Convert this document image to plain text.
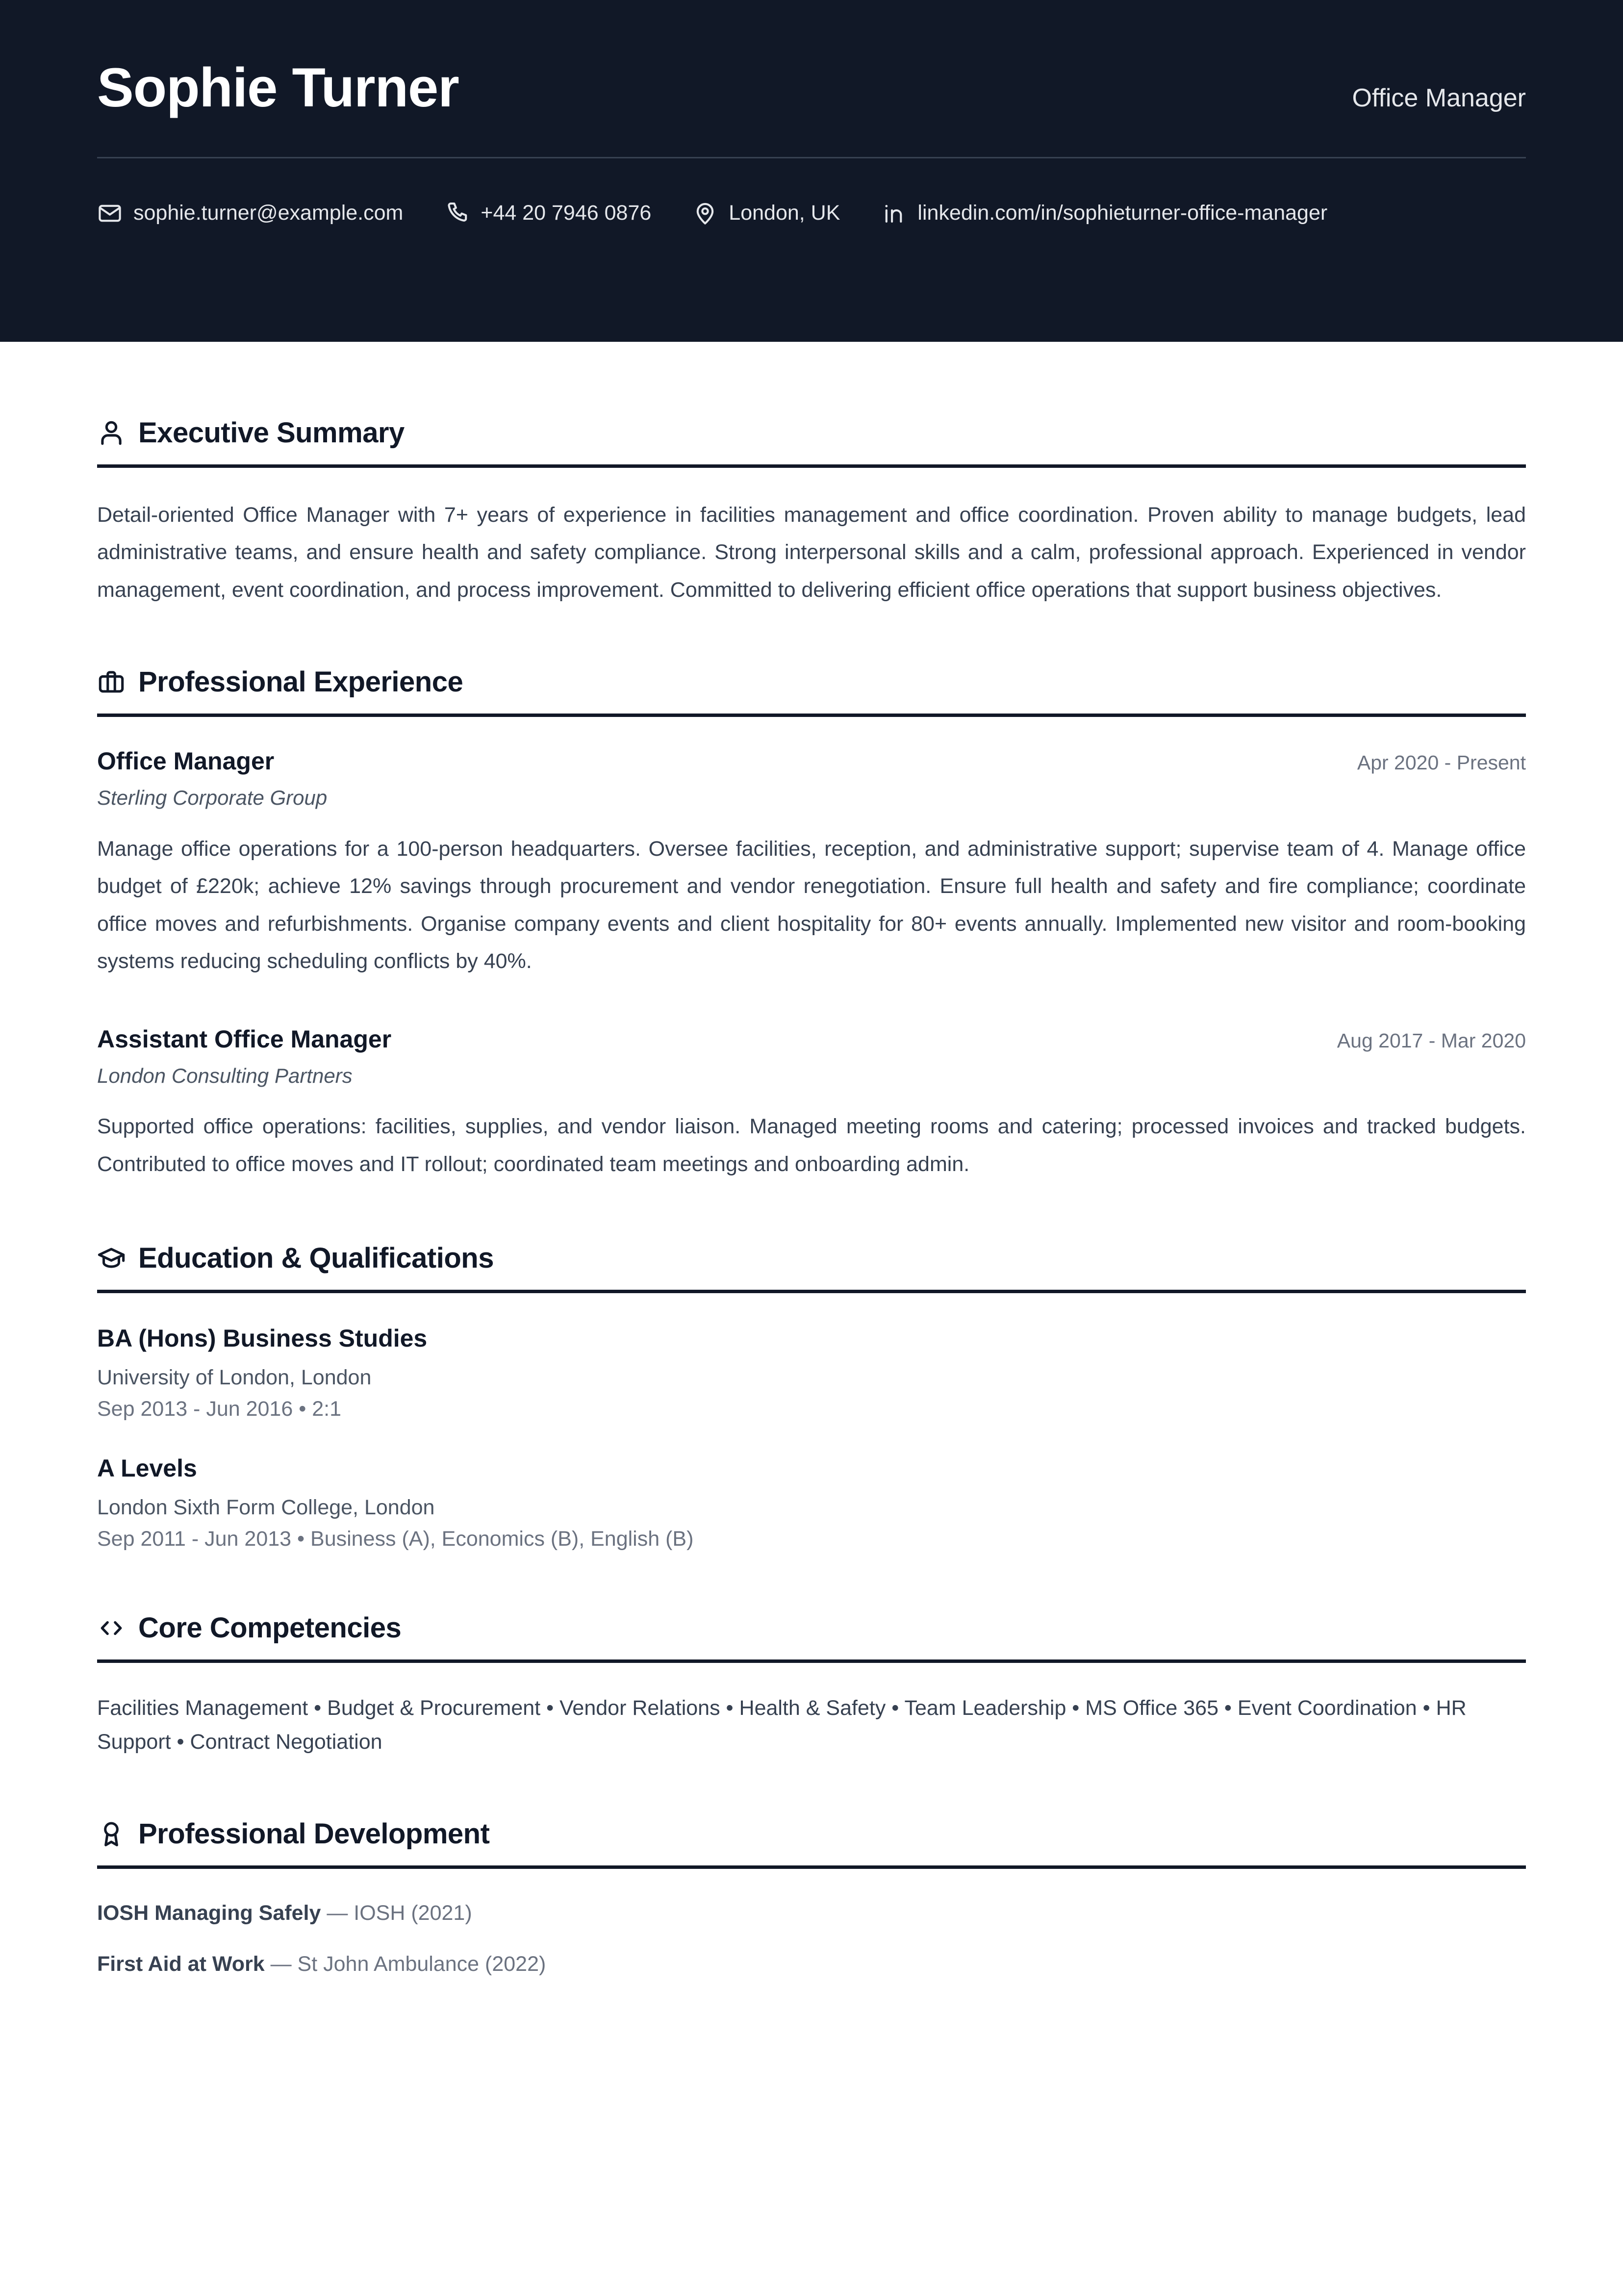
Sophie Turner	Office Manager
sophie.turner@example.com	+44 20 7946 0876	London, UK	linkedin.com/in/sophieturner-office-manager
Executive Summary

Detail-oriented Office Manager with 7+ years of experience in facilities management and office coordination. Proven ability to manage budgets, lead administrative teams, and ensure health and safety compliance. Strong interpersonal skills and a calm, professional approach. Experienced in vendor management, event coordination, and process improvement. Committed to delivering efficient office operations that support business objectives.

Professional Experience
Office Manager	Apr 2020 - Present
Sterling Corporate Group

Manage office operations for a 100-person headquarters. Oversee facilities, reception, and administrative support; supervise team of 4. Manage office budget of £220k; achieve 12% savings through procurement and vendor renegotiation. Ensure full health and safety and fire compliance; coordinate office moves and refurbishments. Organise company events and client hospitality for 80+ events annually. Implemented new visitor and room-booking systems reducing scheduling conflicts by 40%.

Assistant Office Manager	Aug 2017 - Mar 2020
London Consulting Partners

Supported office operations: facilities, supplies, and vendor liaison. Managed meeting rooms and catering; processed invoices and tracked budgets. Contributed to office moves and IT rollout; coordinated team meetings and onboarding admin.

Education & Qualifications
BA (Hons) Business Studies
University of London, London
Sep 2013 - Jun 2016 • 2:1
A Levels
London Sixth Form College, London
Sep 2011 - Jun 2013 • Business (A), Economics (B), English (B)
Core Competencies

Facilities Management • Budget & Procurement • Vendor Relations • Health & Safety • Team Leadership • MS Office 365 • Event Coordination • HR Support • Contract Negotiation

Professional Development
IOSH Managing Safely — IOSH (2021)
First Aid at Work — St John Ambulance (2022)
